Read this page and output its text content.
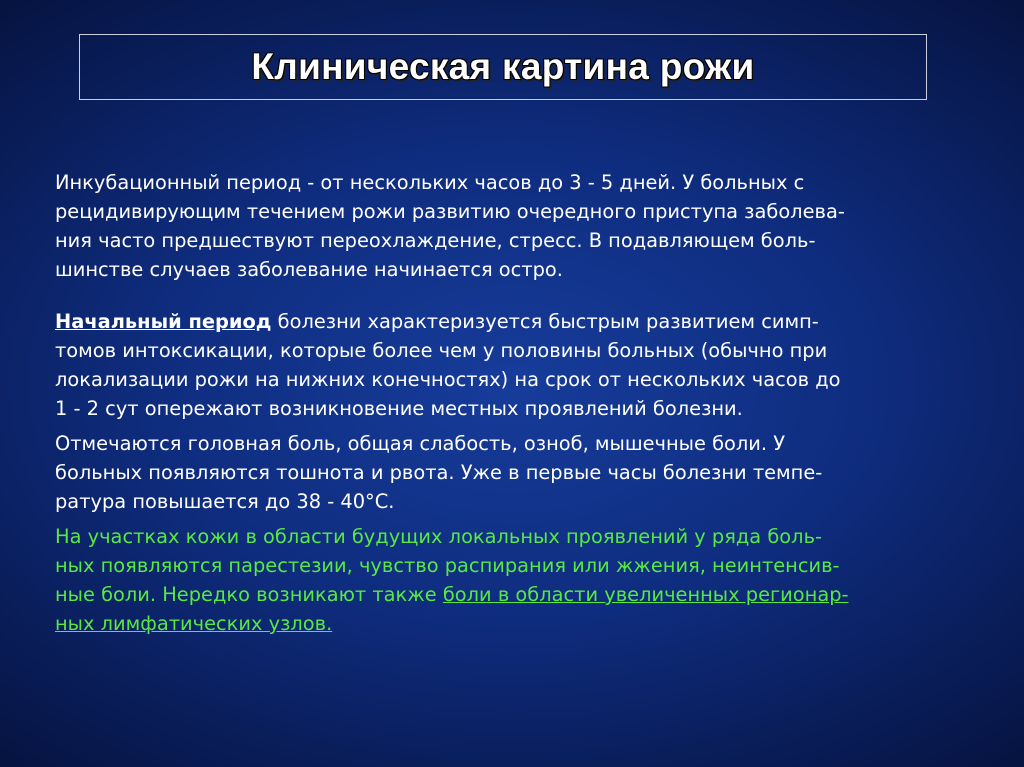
Клиническая картина рожи

Инкубационный период - от нескольких часов до 3 - 5 дней. У больных с
рецидивирующим течением рожи развитию очередного приступа заболева-
ния часто предшествуют переохлаждение, стресс. В подавляющем боль-
шинстве случаев заболевание начинается остро.

Начальный период болезни характеризуется быстрым развитием симп-
томов интоксикации, которые более чем у половины больных (обычно при
локализации рожи на нижних конечностях) на срок от нескольких часов до
1 - 2 сут опережают возникновение местных проявлений болезни.

Отмечаются головная боль, общая слабость, озноб, мышечные боли. У
больных появляются тошнота и рвота. Уже в первые часы болезни темпе-
ратура повышается до 38 - 40°С.

На участках кожи в области будущих локальных проявлений у ряда боль-
ных появляются парестезии, чувство распирания или жжения, неинтенсив-
ные боли. Нередко возникают также боли в области увеличенных регионар-
ных лимфатических узлов.
